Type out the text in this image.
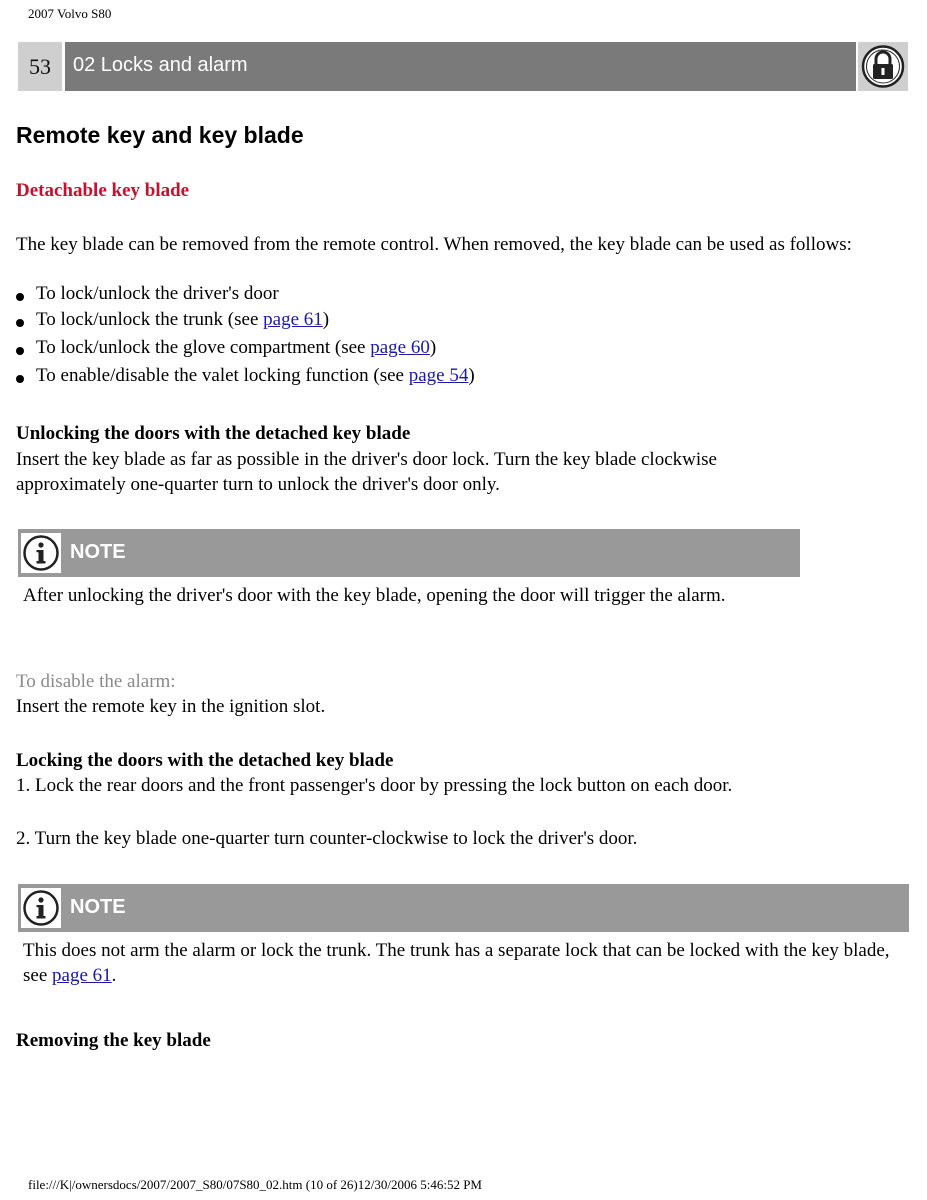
2007 Volvo S80
53	02 Locks and alarm
Remote key and key blade
Detachable key blade
The key blade can be removed from the remote control. When removed, the key blade can be used as follows:
To lock/unlock the driver's door
To lock/unlock the trunk (see page 61)
To lock/unlock the glove compartment (see page 60)
To enable/disable the valet locking function (see page 54)
Unlocking the doors with the detached key blade
Insert the key blade as far as possible in the driver's door lock. Turn the key blade clockwise approximately one-quarter turn to unlock the driver's door only.
NOTE
After unlocking the driver's door with the key blade, opening the door will trigger the alarm.
To disable the alarm:
Insert the remote key in the ignition slot.
Locking the doors with the detached key blade
1. Lock the rear doors and the front passenger's door by pressing the lock button on each door.
2. Turn the key blade one-quarter turn counter-clockwise to lock the driver's door.
NOTE
This does not arm the alarm or lock the trunk. The trunk has a separate lock that can be locked with the key blade, see page 61.
Removing the key blade
file:///K|/ownersdocs/2007/2007_S80/07S80_02.htm (10 of 26)12/30/2006 5:46:52 PM
